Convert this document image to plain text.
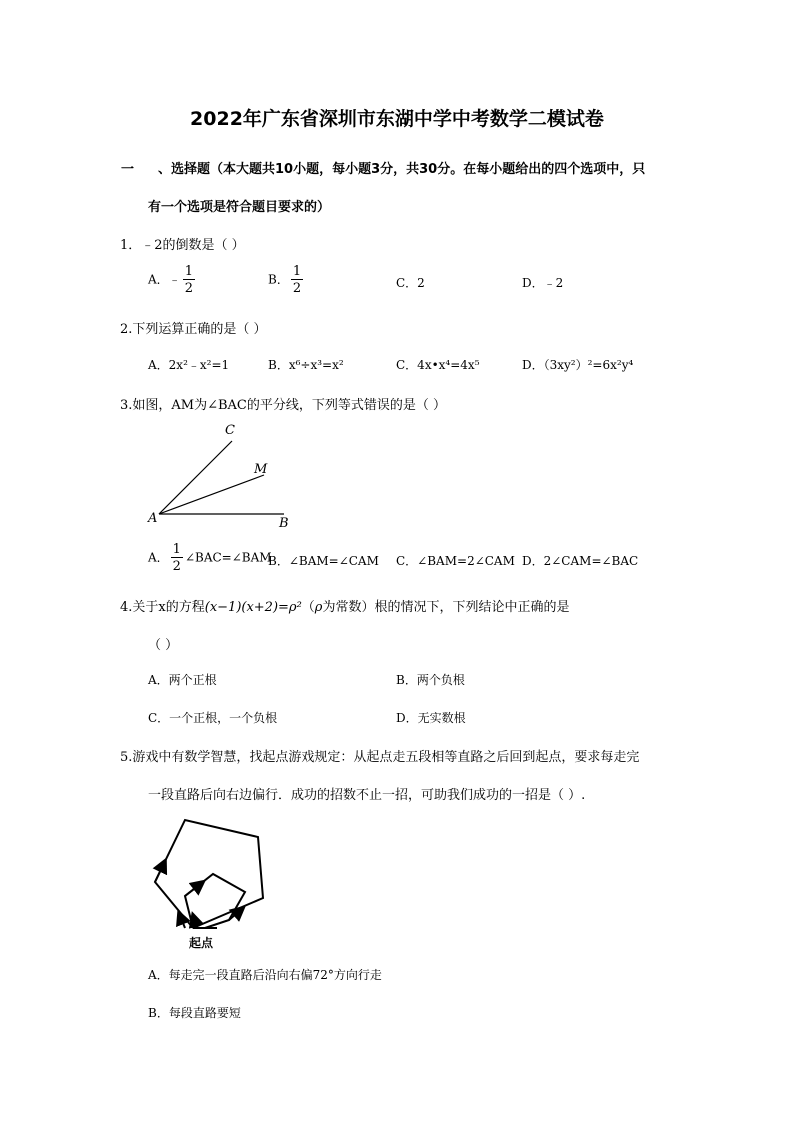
2022年广东省深圳市东湖中学中考数学二模试卷
一 、选择题（本大题共10小题，每小题3分，共30分。在每小题给出的四个选项中，只
有一个选项是符合题目要求的）
1．﹣2的倒数是（ ）
A．﹣ $\frac{1}{2}$	B． $\frac{1}{2}$	C．2	D．﹣2
2.下列运算正确的是（ ）
A．2x²﹣x²=1	B．x⁶÷x³=x²	C．4x•x⁴=4x⁵	D．（3xy²）²=6x²y⁴
3.如图，AM为∠BAC的平分线，下列等式错误的是（ ）
C
M
A	B
A． $\frac{1}{2}$ ∠BAC=∠BAM
B．∠BAM=∠CAM C．∠BAM=2∠CAM D．2∠CAM=∠BAC
4.关于x的方程(x−1)(x+2)=ρ²（ρ为常数）根的情况下，下列结论中正确的是
（ ）
A．两个正根	B．两个负根
C．一个正根，一个负根	D．无实数根
5.游戏中有数学智慧，找起点游戏规定：从起点走五段相等直路之后回到起点，要求每走完
一段直路后向右边偏行．成功的招数不止一招，可助我们成功的一招是（ ）.
起点
A．每走完一段直路后沿向右偏72°方向行走
B．每段直路要短
